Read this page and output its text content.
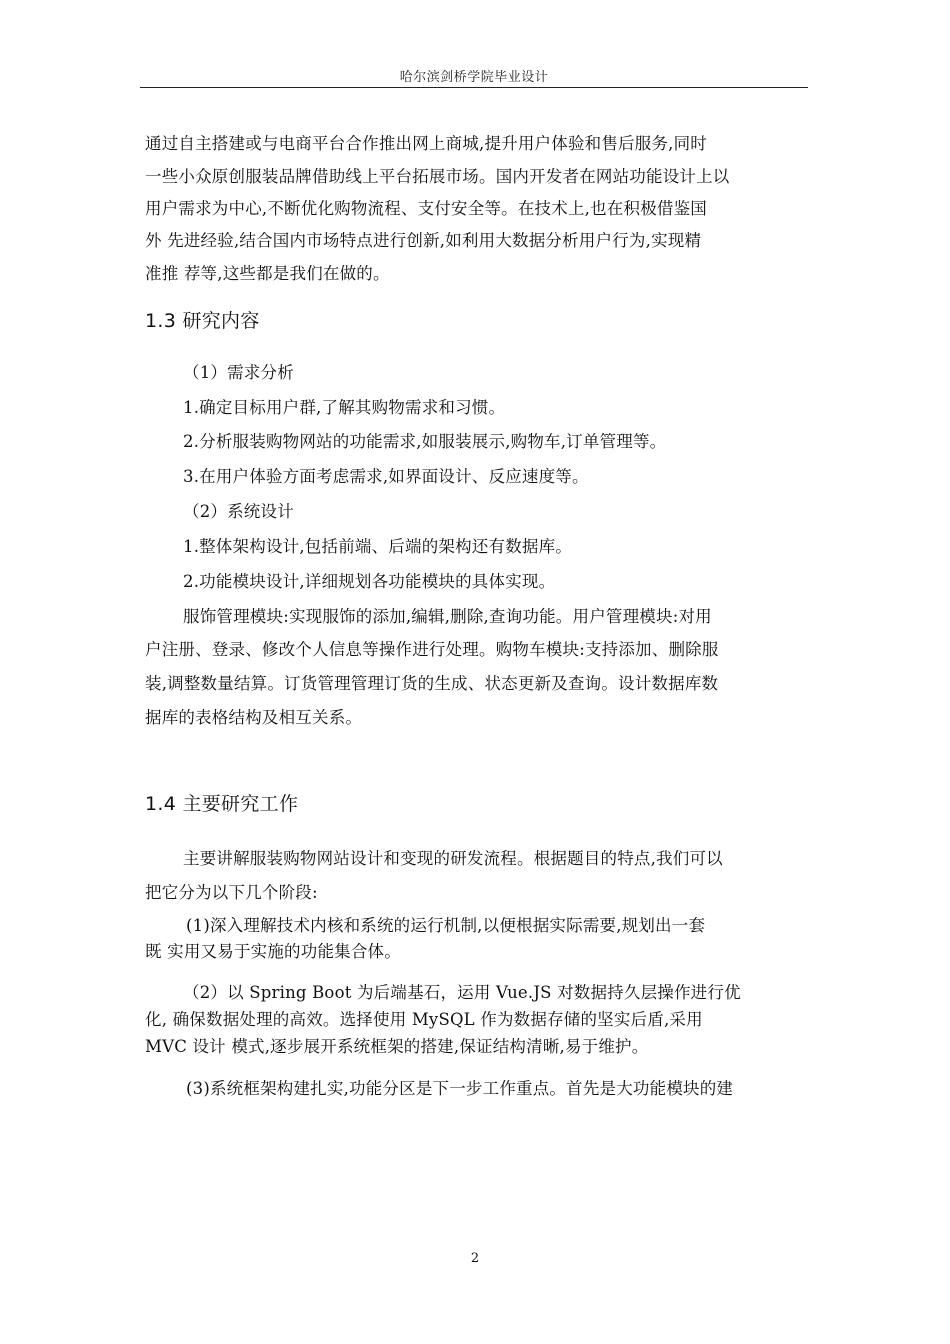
哈尔滨剑桥学院毕业设计
通过自主搭建或与电商平台合作推出网上商城,提升用户体验和售后服务,同时
一些小众原创服装品牌借助线上平台拓展市场。国内开发者在网站功能设计上以
用户需求为中心,不断优化购物流程、支付安全等。在技术上,也在积极借鉴国
外 先进经验,结合国内市场特点进行创新,如利用大数据分析用户行为,实现精
准推 荐等,这些都是我们在做的。
1.3 研究内容
（1）需求分析
1.确定目标用户群,了解其购物需求和习惯。
2.分析服装购物网站的功能需求,如服装展示,购物车,订单管理等。
3.在用户体验方面考虑需求,如界面设计、反应速度等。
（2）系统设计
1.整体架构设计,包括前端、后端的架构还有数据库。
2.功能模块设计,详细规划各功能模块的具体实现。
服饰管理模块:实现服饰的添加,编辑,删除,查询功能。用户管理模块:对用
户注册、登录、修改个人信息等操作进行处理。购物车模块:支持添加、删除服
装,调整数量结算。订货管理管理订货的生成、状态更新及查询。设计数据库数
据库的表格结构及相互关系。
1.4 主要研究工作
主要讲解服装购物网站设计和变现的研发流程。根据题目的特点,我们可以
把它分为以下几个阶段:
(1)深入理解技术内核和系统的运行机制,以便根据实际需要,规划出一套
既 实用又易于实施的功能集合体。
（2）以 Spring Boot 为后端基石，运用 Vue.JS 对数据持久层操作进行优
化, 确保数据处理的高效。选择使用 MySQL 作为数据存储的坚实后盾,采用
MVC 设计 模式,逐步展开系统框架的搭建,保证结构清晰,易于维护。
(3)系统框架构建扎实,功能分区是下一步工作重点。首先是大功能模块的建
2
